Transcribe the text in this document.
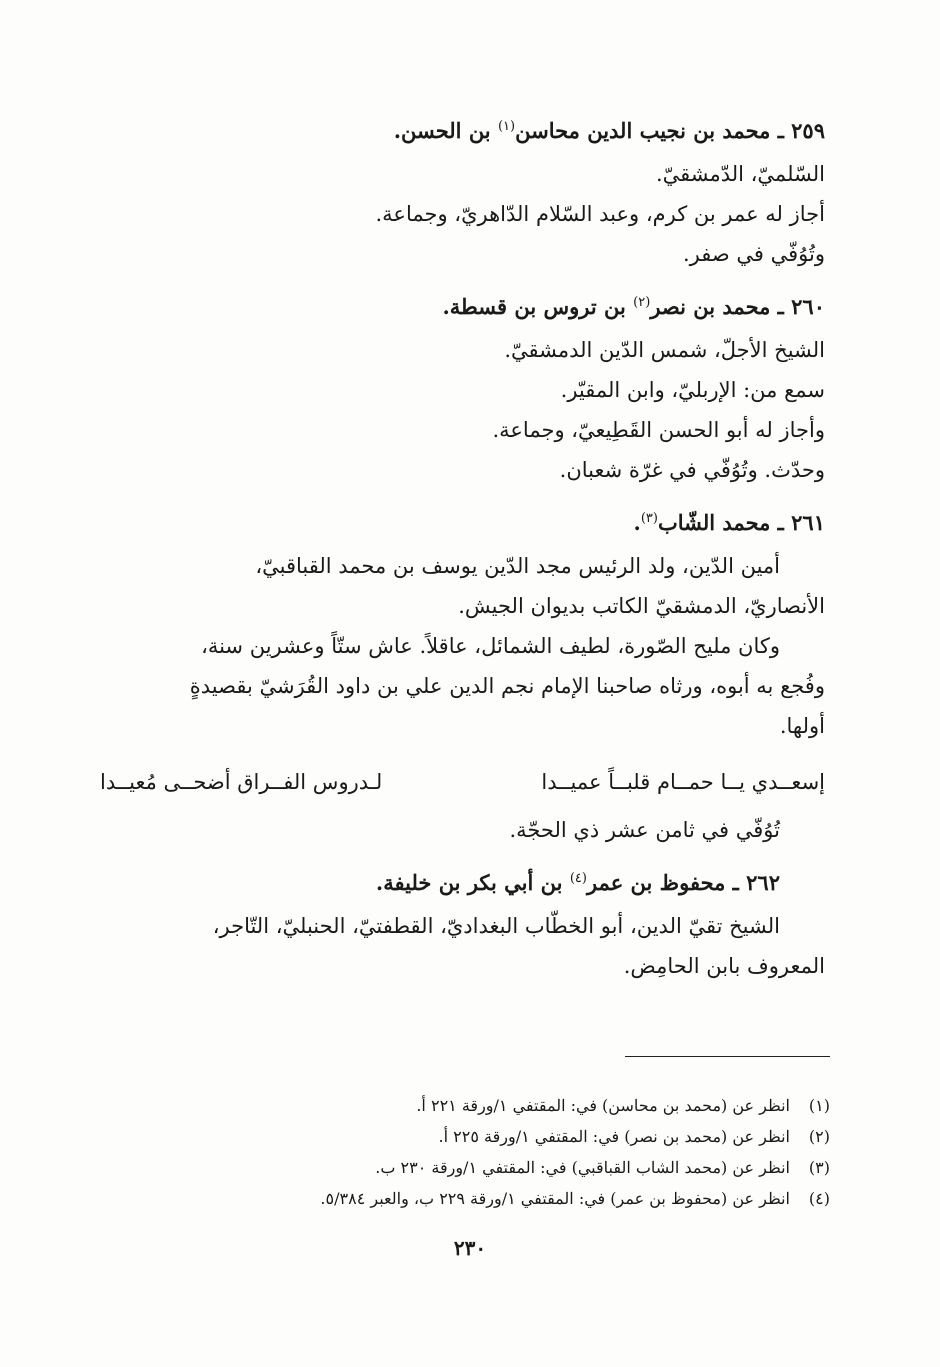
٢٥٩ ـ محمد بن نجيب الدين محاسن$^{(١)}$ بن الحسن.

السّلميّ، الدّمشقيّ.

أجاز له عمر بن كرم، وعبد السّلام الدّاهريّ، وجماعة.

وتُوُفّي في صفر.

٢٦٠ ـ محمد بن نصر$^{(٢)}$ بن تروس بن قسطة.

الشيخ الأجلّ، شمس الدّين الدمشقيّ.

سمع من: الإربليّ، وابن المقيّر.

وأجاز له أبو الحسن القَطِيعيّ، وجماعة.

وحدّث. وتُوُفّي في غرّة شعبان.

٢٦١ ـ محمد الشّاب$^{(٣)}$.

أمين الدّين، ولد الرئيس مجد الدّين يوسف بن محمد القباقبيّ،

الأنصاريّ، الدمشقيّ الكاتب بديوان الجيش.

وكان مليح الصّورة، لطيف الشمائل، عاقلاً. عاش ستّاً وعشرين سنة،

وفُجع به أبوه، ورثاه صاحبنا الإمام نجم الدين علي بن داود القُرَشيّ بقصيدةٍ

أولها.

إسعــدي يــا حمــام قلبــاً عميــدا
لـدروس الفــراق أضحــى مُعيــدا

تُوُفّي في ثامن عشر ذي الحجّة.

٢٦٢ ـ محفوظ بن عمر$^{(٤)}$ بن أبي بكر بن خليفة.

الشيخ تقيّ الدين، أبو الخطّاب البغداديّ، القطفتيّ، الحنبليّ، التّاجر،

المعروف بابن الحامِض.

(١)انظر عن (محمد بن محاسن) في: المقتفي ١/ورقة ٢٢١ أ.

(٢)انظر عن (محمد بن نصر) في: المقتفي ١/ورقة ٢٢٥ أ.

(٣)انظر عن (محمد الشاب القباقبي) في: المقتفي ١/ورقة ٢٣٠ ب.

(٤)انظر عن (محفوظ بن عمر) في: المقتفي ١/ورقة ٢٢٩ ب، والعبر ٥/٣٨٤.

٢٣٠
